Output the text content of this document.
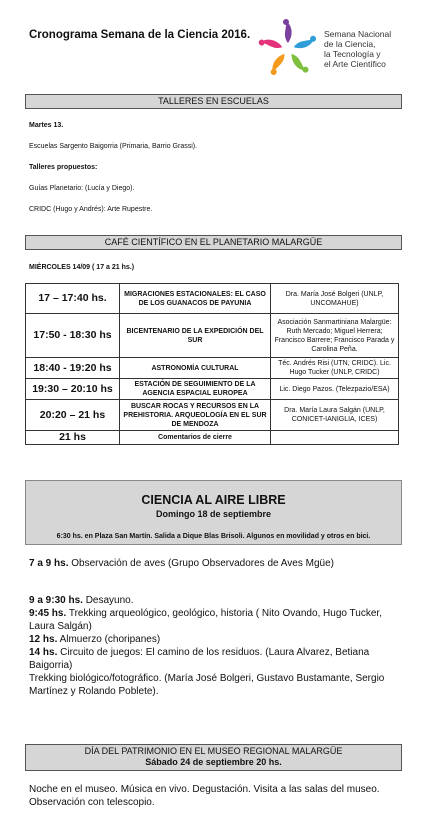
Cronograma Semana de la Ciencia 2016.	Semana Nacional
de la Ciencia,
la Tecnología y
el Arte Científico
TALLERES EN ESCUELAS
Martes 13.
Escuelas Sargento Baigorria (Primaria, Barrio Grassi).
Talleres propuestos:
Guías Planetario: (Lucía y Diego).
CRIDC (Hugo y Andrés): Arte Rupestre.
CAFÉ CIENTÍFICO EN EL PLANETARIO MALARGÜE
MIÉRCOLES 14/09 ( 17 a 21 hs.)
17 – 17:40 hs.	MIGRACIONES ESTACIONALES: EL CASO DE LOS GUANACOS DE PAYUNIA	Dra. María José Bolgeri (UNLP, UNCOMAHUE)
17:50 - 18:30 hs	BICENTENARIO DE LA EXPEDICIÓN DEL SUR	Asociación Sanmartiniana Malargüe: Ruth Mercado; Miguel Herrera; Francisco Barrere; Francisco Parada y Carolina Peña.
18:40 - 19:20 hs	ASTRONOMÍA CULTURAL	Téc. Andrés Risi (UTN, CRIDC). Lic. Hugo Tucker (UNLP, CRIDC)
19:30 – 20:10 hs	ESTACIÓN DE SEGUIMIENTO DE LA AGENCIA ESPACIAL EUROPEA	Lic. Diego Pazos. (Telezpazio/ESA)
20:20 – 21 hs	BUSCAR ROCAS Y RECURSOS EN LA PREHISTORIA. ARQUEOLOGÍA EN EL SUR DE MENDOZA	Dra. María Laura Salgán (UNLP, CONICET-IANIGLIA, ICES)
21 hs	Comentarios de cierre	
CIENCIA AL AIRE LIBRE
Domingo 18 de septiembre
6:30 hs. en Plaza San Martín. Salida a Dique Blas Brisoli. Algunos en movilidad y otros en bici.
7 a 9 hs. Observación de aves (Grupo Observadores de Aves Mgüe)
9 a 9:30 hs. Desayuno.
9:45 hs. Trekking arqueológico, geológico, historia ( Nito Ovando, Hugo Tucker, Laura Salgán)
12 hs. Almuerzo (choripanes)
14 hs. Circuito de juegos: El camino de los residuos. (Laura Alvarez, Betiana Baigorria)
Trekking biológico/fotográfico. (María José Bolgeri, Gustavo Bustamante, Sergio Martínez y Rolando Poblete).
DÍA DEL PATRIMONIO EN EL MUSEO REGIONAL MALARGÜE
Sábado 24 de septiembre 20 hs.
Noche en el museo. Música en vivo. Degustación. Visita a las salas del museo. Observación con telescopio.
